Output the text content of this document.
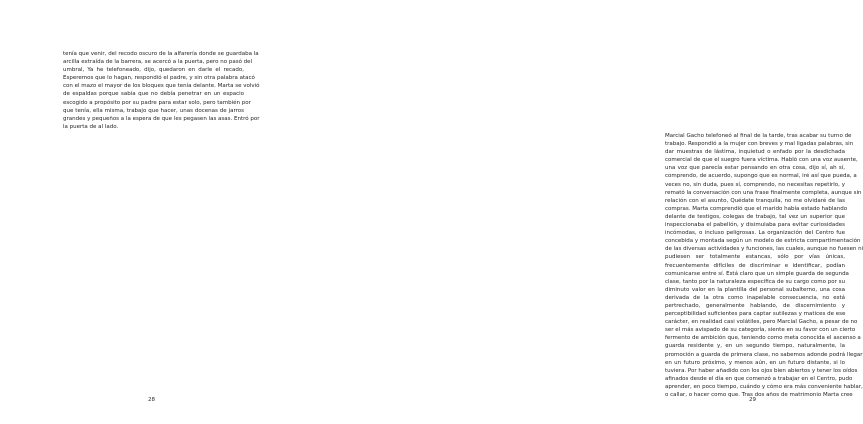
tenía que venir, del recodo oscuro de la alfarería donde se guardaba la
arcilla extraída de la barrera, se acercó a la puerta, pero no pasó del
umbral, Ya he telefoneado, dijo, quedaron en darle el recado,
Esperemos que lo hagan, respondió el padre, y sin otra palabra atacó
con el mazo el mayor de los bloques que tenía delante. Marta se volvió
de espaldas porque sabía que no debía penetrar en un espacio
escogido a propósito por su padre para estar solo, pero también por
que tenía, ella misma, trabajo que hacer, unas docenas de jarros
grandes y pequeños a la espera de que les pegasen las asas. Entró por
la puerta de al lado.
28
Marcial Gacho telefoneó al final de la tarde, tras acabar su turno de
trabajo. Respondió a la mujer con breves y mal ligadas palabras, sin
dar muestras de lástima, inquietud o enfado por la desdichada
comercial de que el suegro fuera víctima. Habló con una voz ausente,
una voz que parecía estar pensando en otra cosa, dijo sí, ah sí,
comprendo, de acuerdo, supongo que es normal, iré así que pueda, a
veces no, sin duda, pues sí, comprendo, no necesitas repetirlo, y
remató la conversación con una frase finalmente completa, aunque sin
relación con el asunto, Quédate tranquila, no me olvidaré de las
compras. Marta comprendió que el marido había estado hablando
delante de testigos, colegas de trabajo, tal vez un superior que
inspeccionaba el pabellón, y disimulaba para evitar curiosidades
incómodas, o incluso peligrosas. La organización del Centro fue
concebida y montada según un modelo de estricta compartimentación
de las diversas actividades y funciones, las cuales, aunque no fuesen ni
pudiesen ser totalmente estancas, sólo por vías únicas,
frecuentemente difíciles de discriminar e identificar, podían
comunicarse entre sí. Está claro que un simple guarda de segunda
clase, tanto por la naturaleza específica de su cargo como por su
diminuto valor en la plantilla del personal subalterno, una cosa
derivada de la otra como inapelable consecuencia, no está
pertrechado, generalmente hablando, de discernimiento y
perceptibilidad suficientes para captar sutilezas y matices de ese
carácter, en realidad casi volátiles, pero Marcial Gacho, a pesar de no
ser el más avispado de su categoría, siente en su favor con un cierto
fermento de ambición que, teniendo como meta conocida el ascenso a
guarda residente y, en un segundo tiempo, naturalmente, la
promoción a guarda de primera clase, no sabemos adonde podrá llegar
en un futuro próximo, y menos aún, en un futuro distante, si lo
tuviera. Por haber añadido con los ojos bien abiertos y tener los oídos
afinados desde el día en que comenzó a trabajar en el Centro, pudo
aprender, en poco tiempo, cuándo y cómo era más conveniente hablar,
o callar, o hacer como que. Tras dos años de matrimonio Marta cree
29
